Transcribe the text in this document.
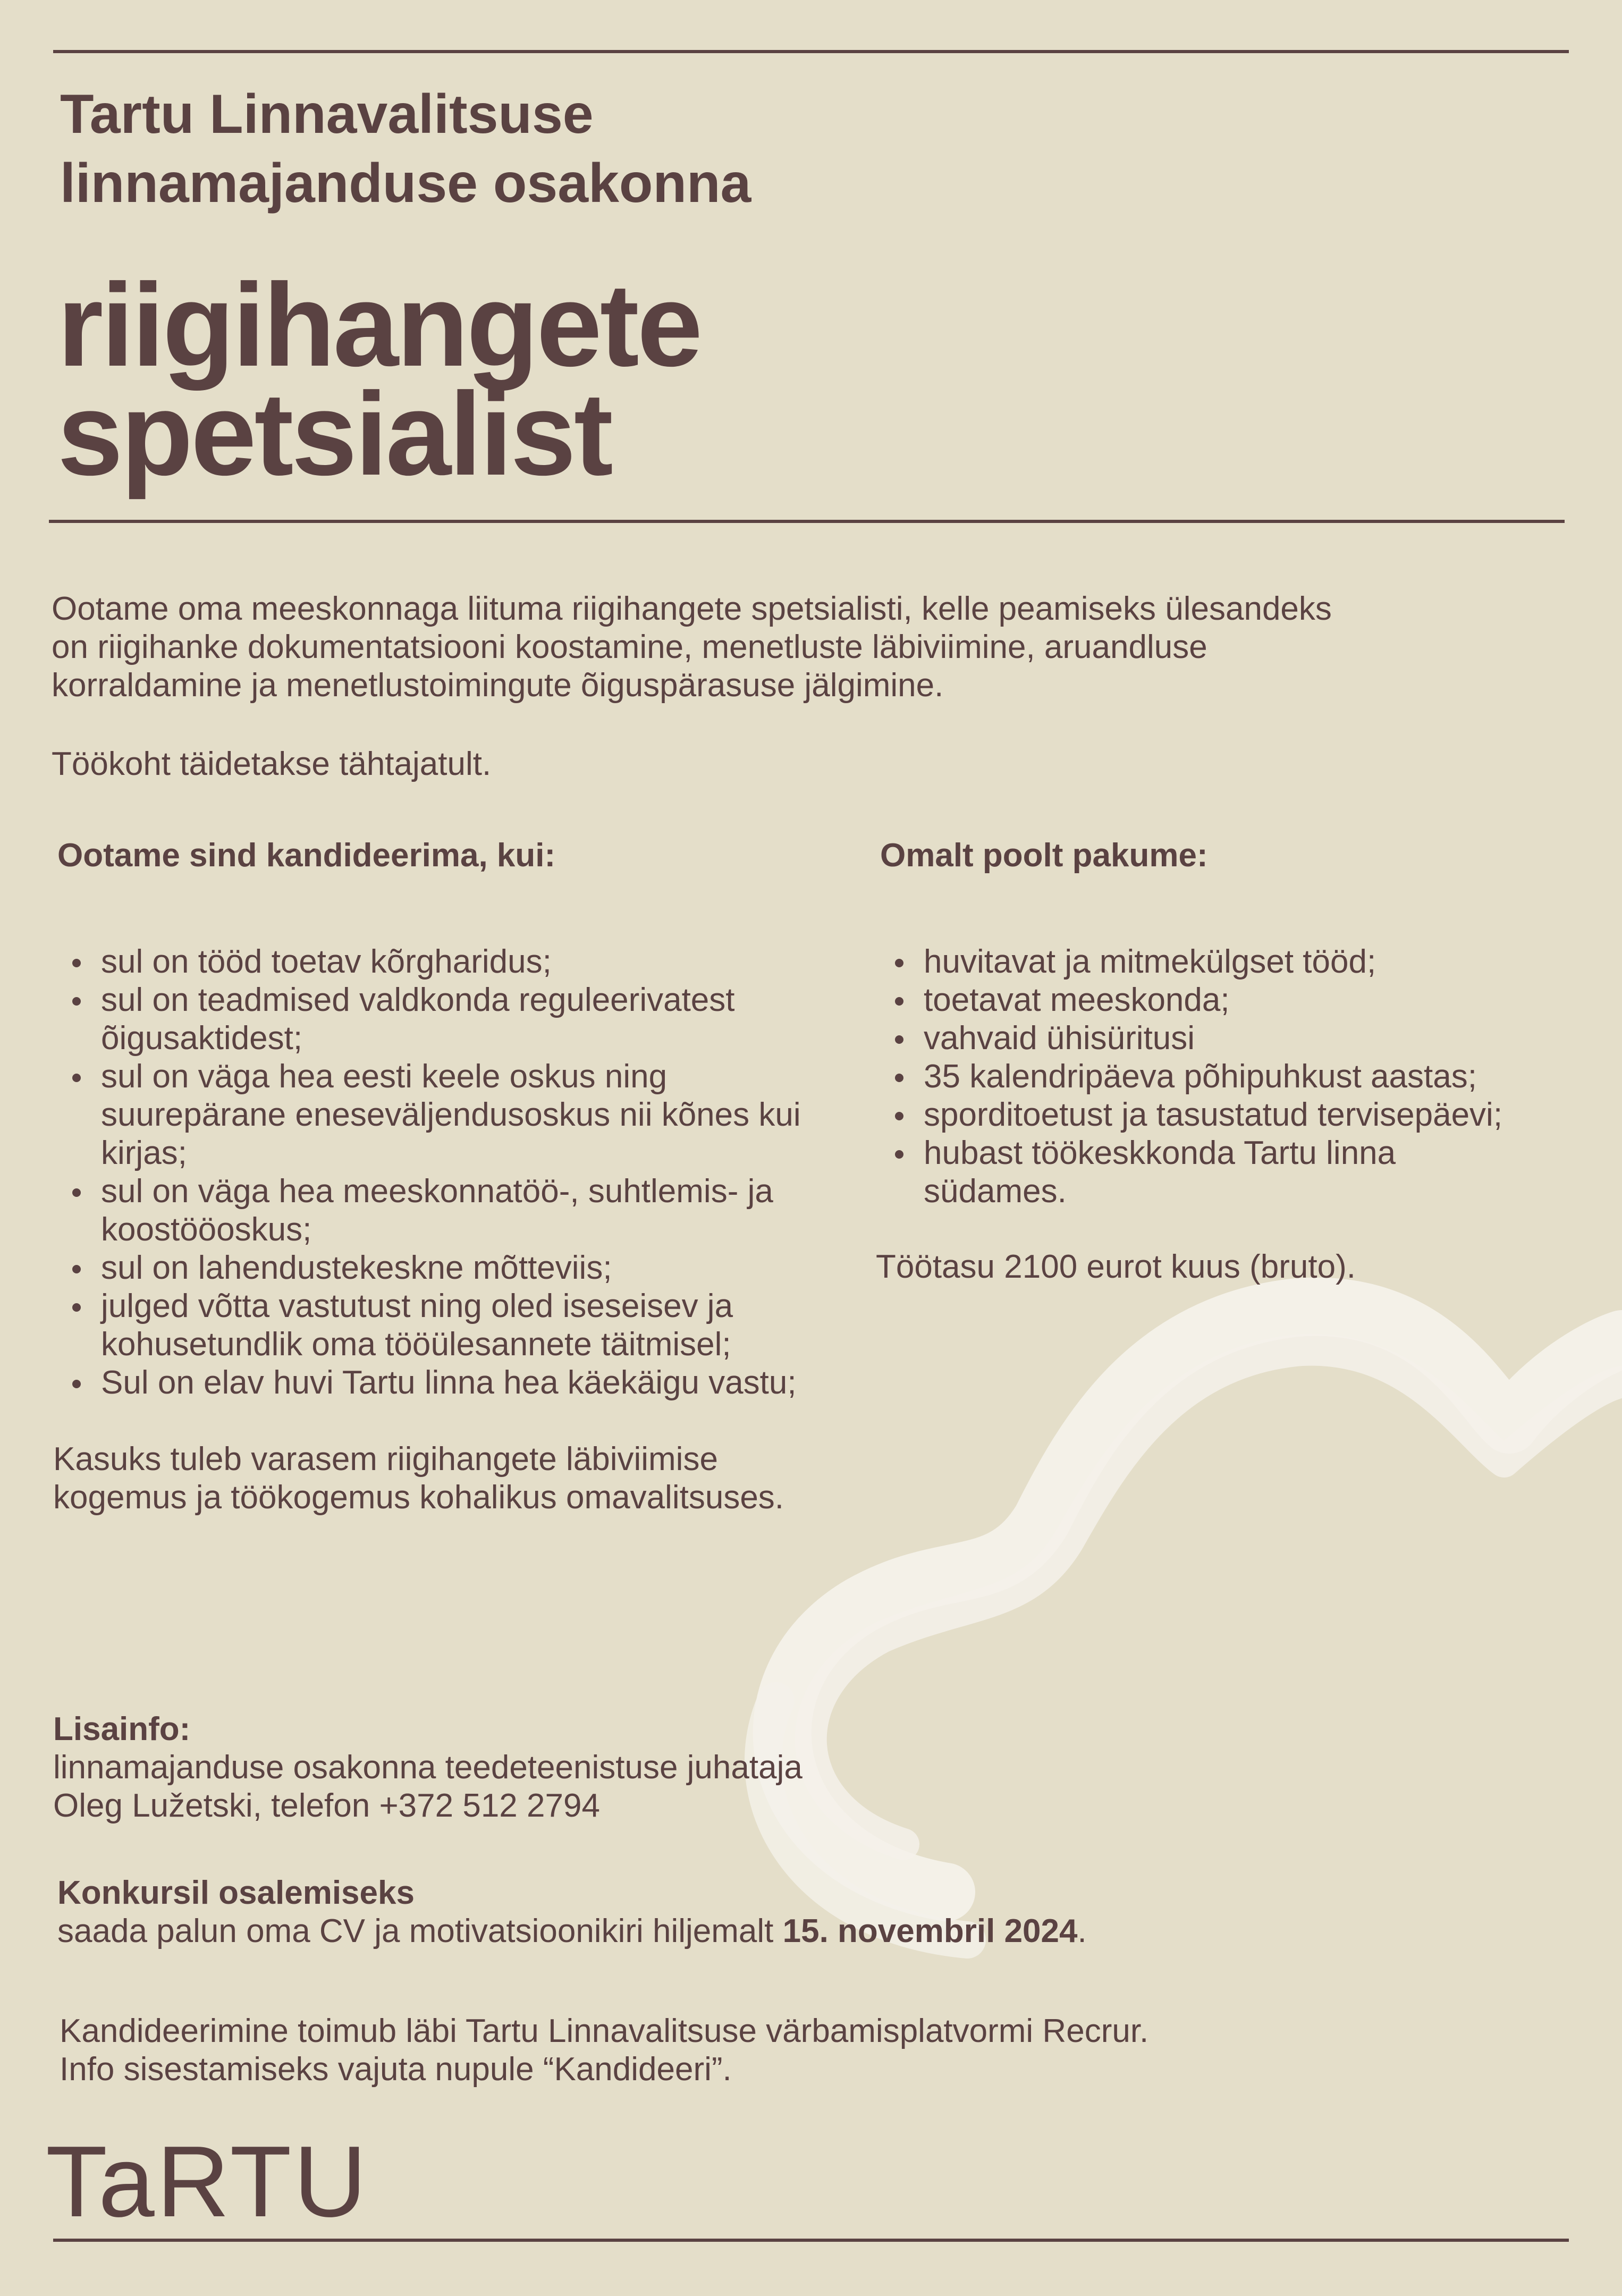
Tartu Linnavalitsuse
linnamajanduse osakonna
riigihangete
spetsialist
Ootame oma meeskonnaga liituma riigihangete spetsialisti, kelle peamiseks ülesandeks
on riigihanke dokumentatsiooni koostamine, menetluste läbiviimine, aruandluse
korraldamine ja menetlustoimingute õiguspärasuse jälgimine.
Töökoht täidetakse tähtajatult.
Ootame sind kandideerima, kui:
sul on tööd toetav kõrgharidus;
sul on teadmised valdkonda reguleerivatest
õigusaktidest;
sul on väga hea eesti keele oskus ning
suurepärane eneseväljendusoskus nii kõnes kui
kirjas;
sul on väga hea meeskonnatöö-, suhtlemis- ja
koostööoskus;
sul on lahendustekeskne mõtteviis;
julged võtta vastutust ning oled iseseisev ja
kohusetundlik oma tööülesannete täitmisel;
Sul on elav huvi Tartu linna hea käekäigu vastu;
Kasuks tuleb varasem riigihangete läbiviimise
kogemus ja töökogemus kohalikus omavalitsuses.
Omalt poolt pakume:
huvitavat ja mitmekülgset tööd;
toetavat meeskonda;
vahvaid ühisüritusi
35 kalendripäeva põhipuhkust aastas;
sporditoetust ja tasustatud tervisepäevi;
hubast töökeskkonda Tartu linna
südames.
Töötasu 2100 eurot kuus (bruto).
Lisainfo:
linnamajanduse osakonna teedeteenistuse juhataja
Oleg Lužetski, telefon +372 512 2794
Konkursil osalemiseks
saada palun oma CV ja motivatsioonikiri hiljemalt 15. novembril 2024.
Kandideerimine toimub läbi Tartu Linnavalitsuse värbamisplatvormi Recrur.
Info sisestamiseks vajuta nupule “Kandideeri”.
TaRTU
